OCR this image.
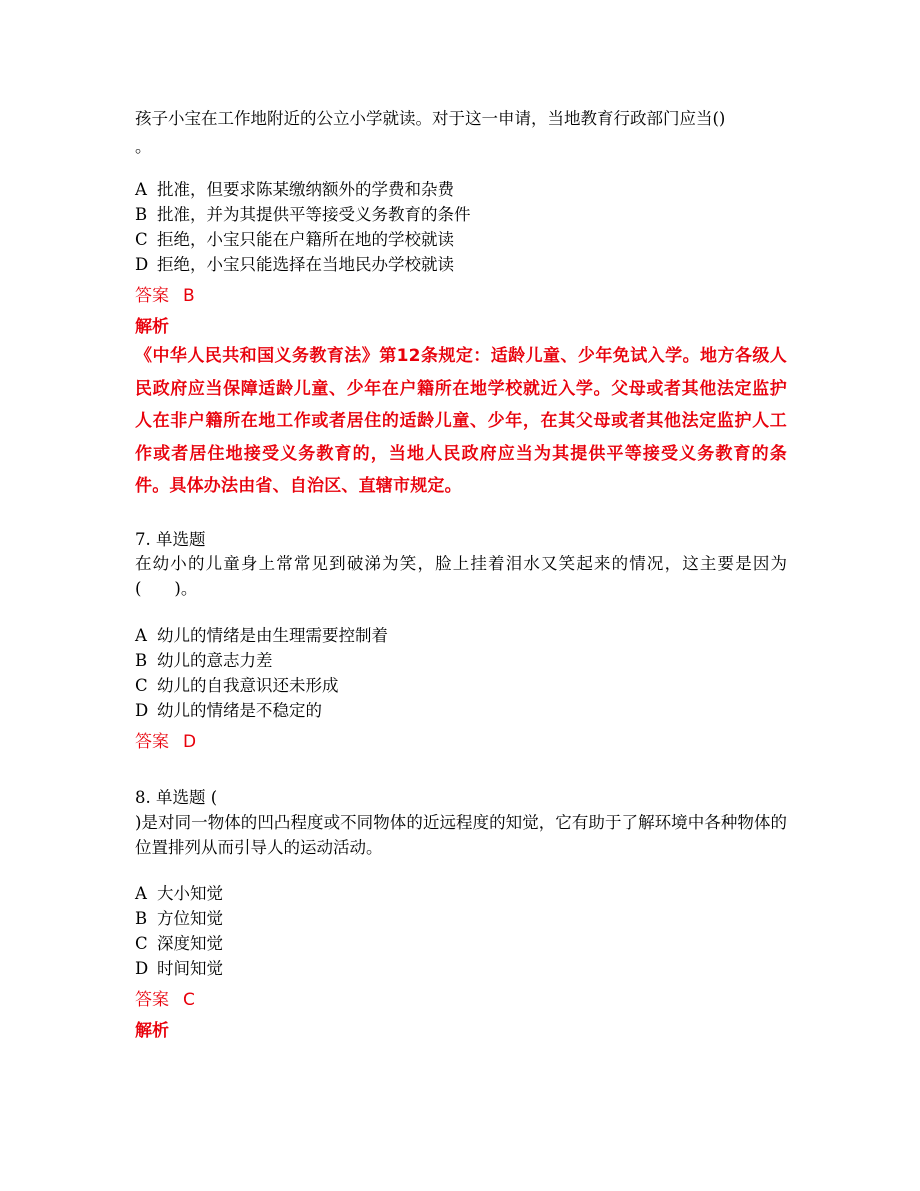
孩子小宝在工作地附近的公立小学就读。对于这一申请，当地教育行政部门应当()
。
A 批准，但要求陈某缴纳额外的学费和杂费
B 批准，并为其提供平等接受义务教育的条件
C 拒绝，小宝只能在户籍所在地的学校就读
D 拒绝，小宝只能选择在当地民办学校就读
答案 B
解析
《中华人民共和国义务教育法》第12条规定：适龄儿童、少年免试入学。地方各级人民政府应当保障适龄儿童、少年在户籍所在地学校就近入学。父母或者其他法定监护人在非户籍所在地工作或者居住的适龄儿童、少年，在其父母或者其他法定监护人工作或者居住地接受义务教育的，当地人民政府应当为其提供平等接受义务教育的条件。具体办法由省、自治区、直辖市规定。
7. 单选题
在幼小的儿童身上常常见到破涕为笑，脸上挂着泪水又笑起来的情况，这主要是因为(　　)。
A 幼儿的情绪是由生理需要控制着
B 幼儿的意志力差
C 幼儿的自我意识还未形成
D 幼儿的情绪是不稳定的
答案 D
8. 单选题 (
)是对同一物体的凹凸程度或不同物体的近远程度的知觉，它有助于了解环境中各种物体的位置排列从而引导人的运动活动。
A 大小知觉
B 方位知觉
C 深度知觉
D 时间知觉
答案 C
解析
